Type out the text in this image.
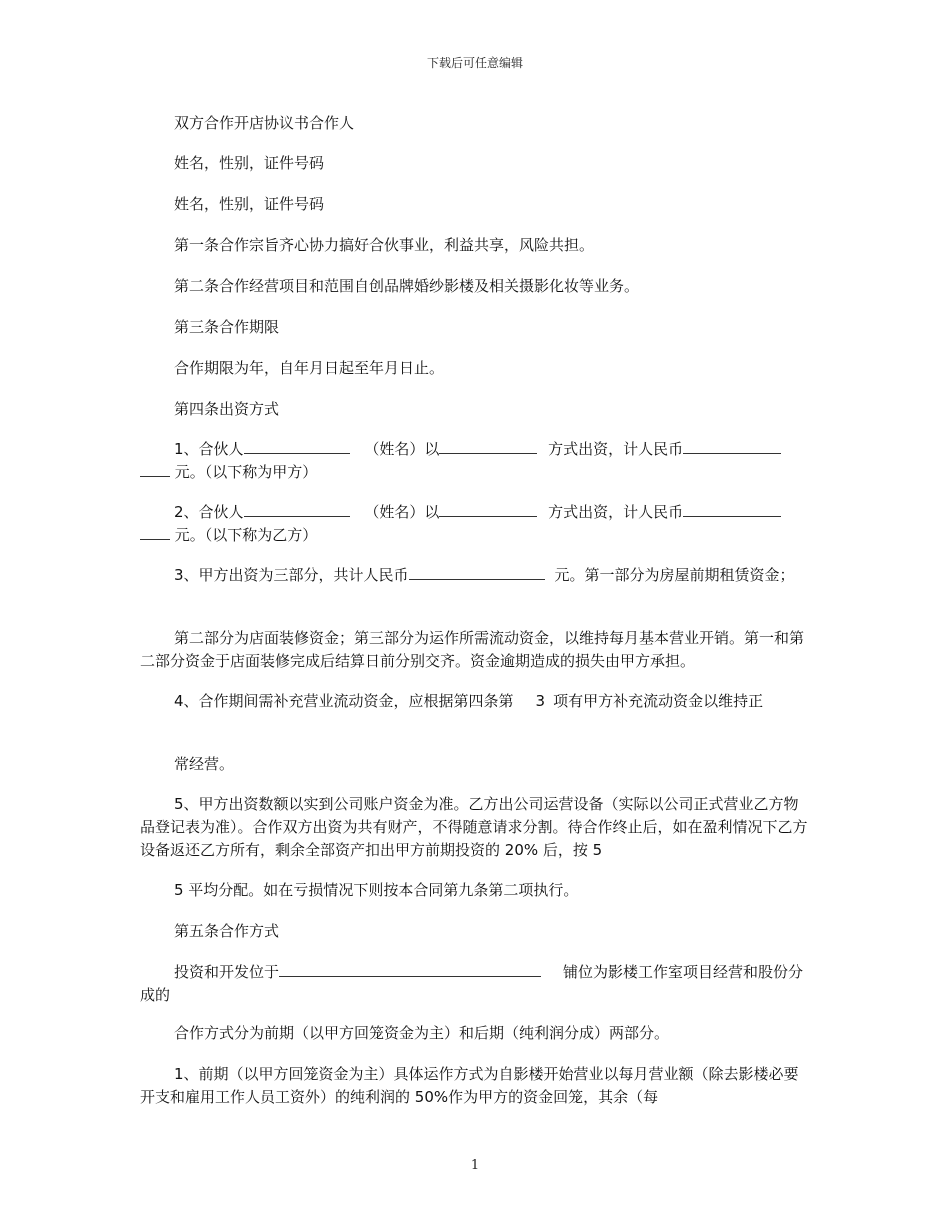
下载后可任意编辑

双方合作开店协议书合作人

姓名，性别，证件号码

姓名，性别，证件号码

第一条合作宗旨齐心协力搞好合伙事业，利益共享，风险共担。

第二条合作经营项目和范围自创品牌婚纱影楼及相关摄影化妆等业务。

第三条合作期限

合作期限为年，自年月日起至年月日止。

第四条出资方式

1、合伙人	（姓名）以	方式出资，计人民币

元。（以下称为甲方）

2、合伙人	（姓名）以	方式出资，计人民币

元。（以下称为乙方）

3、甲方出资为三部分，共计人民币	元。第一部分为房屋前期租赁资金；

第二部分为店面装修资金；第三部分为运作所需流动资金，以维持每月基本营业开销。第一和第二部分资金于店面装修完成后结算日前分别交齐。资金逾期造成的损失由甲方承担。

4、合作期间需补充营业流动资金，应根据第四条第 3 项有甲方补充流动资金以维持正

常经营。

5、甲方出资数额以实到公司账户资金为准。乙方出公司运营设备（实际以公司正式营业乙方物品登记表为准）。合作双方出资为共有财产，不得随意请求分割。待合作终止后，如在盈利情况下乙方设备返还乙方所有，剩余全部资产扣出甲方前期投资的 20% 后，按 5

5 平均分配。如在亏损情况下则按本合同第九条第二项执行。

第五条合作方式

投资和开发位于	铺位为影楼工作室项目经营和股份分成的

合作方式分为前期（以甲方回笼资金为主）和后期（纯利润分成）两部分。

1、前期（以甲方回笼资金为主）具体运作方式为自影楼开始营业以每月营业额（除去影楼必要开支和雇用工作人员工资外）的纯利润的 50%作为甲方的资金回笼，其余（每

1
